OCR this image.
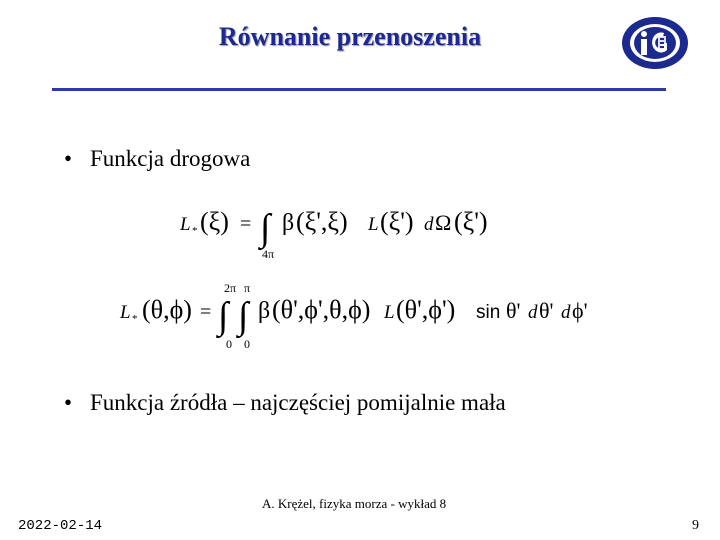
Równanie przenoszenia
• Funkcja drogowa
L * (ξ) = ∫
4π
β (ξ',ξ) L (ξ') d Ω (ξ')
L * (θ,ϕ) =
2π π
∫ ∫
0 0
β (θ',ϕ',θ,ϕ) L (θ',ϕ') sin θ' d θ' d ϕ'
• Funkcja źródła – najczęściej pomijalnie mała
A. Krężel, fizyka morza - wykład 8
2022-02-14	9
